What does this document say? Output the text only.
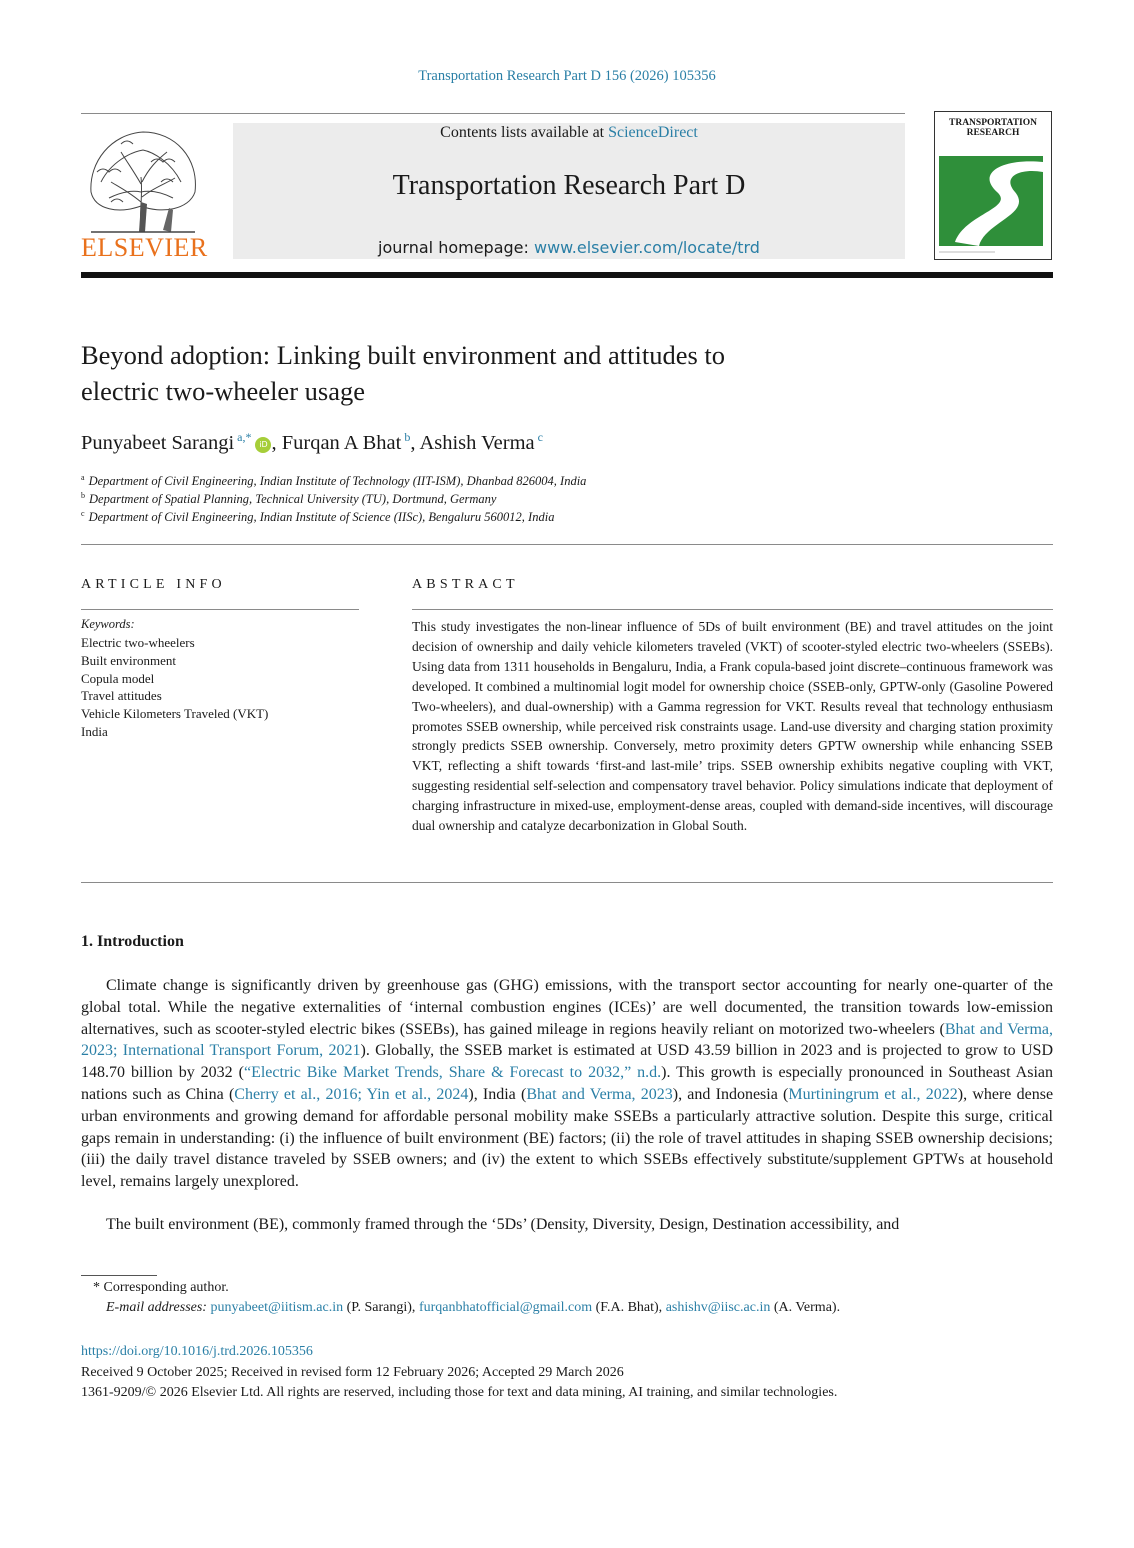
Transportation Research Part D 156 (2026) 105356
ELSEVIER
Contents lists available at ScienceDirect
Transportation Research Part D
journal homepage: www.elsevier.com/locate/trd
TRANSPORTATION RESEARCH
Beyond adoption: Linking built environment and attitudes to
electric two-wheeler usage
Punyabeet Sarangi $^{a,*}$iD , Furqan A Bhat $^b$, Ashish Verma $^c$
$^a$ Department of Civil Engineering, Indian Institute of Technology (IIT-ISM), Dhanbad 826004, India
$^b$ Department of Spatial Planning, Technical University (TU), Dortmund, Germany
$^c$ Department of Civil Engineering, Indian Institute of Science (IISc), Bengaluru 560012, India
ARTICLE INFO
Keywords:
Electric two-wheelers
Built environment
Copula model
Travel attitudes
Vehicle Kilometers Traveled (VKT)
India
ABSTRACT
This study investigates the non-linear influence of 5Ds of built environment (BE) and travel attitudes on the joint decision of ownership and daily vehicle kilometers traveled (VKT) of scooter-styled electric two-wheelers (SSEBs). Using data from 1311 households in Bengaluru, India, a Frank copula-based joint discrete–continuous framework was developed. It combined a multinomial logit model for ownership choice (SSEB-only, GPTW-only (Gasoline Powered Two-wheelers), and dual-ownership) with a Gamma regression for VKT. Results reveal that technology enthusiasm promotes SSEB ownership, while perceived risk constraints usage. Land-use diversity and charging station proximity strongly predicts SSEB ownership. Conversely, metro proximity deters GPTW ownership while enhancing SSEB VKT, reflecting a shift towards ‘first-and last-mile’ trips. SSEB ownership exhibits negative coupling with VKT, suggesting residential self-selection and compensatory travel behavior. Policy simulations indicate that deployment of charging infrastructure in mixed-use, employment-dense areas, coupled with demand-side incentives, will discourage dual ownership and catalyze decarbonization in Global South.
1. Introduction
Climate change is significantly driven by greenhouse gas (GHG) emissions, with the transport sector accounting for nearly one-quarter of the global total. While the negative externalities of ‘internal combustion engines (ICEs)’ are well documented, the transition towards low-emission alternatives, such as scooter-styled electric bikes (SSEBs), has gained mileage in regions heavily reliant on motorized two-wheelers (Bhat and Verma, 2023; International Transport Forum, 2021). Globally, the SSEB market is estimated at USD 43.59 billion in 2023 and is projected to grow to USD 148.70 billion by 2032 (“Electric Bike Market Trends, Share & Forecast to 2032,” n.d.). This growth is especially pronounced in Southeast Asian nations such as China (Cherry et al., 2016; Yin et al., 2024), India (Bhat and Verma, 2023), and Indonesia (Murtiningrum et al., 2022), where dense urban environments and growing demand for affordable personal mobility make SSEBs a particularly attractive solution. Despite this surge, critical gaps remain in understanding: (i) the influence of built environment (BE) factors; (ii) the role of travel attitudes in shaping SSEB ownership decisions; (iii) the daily travel distance traveled by SSEB owners; and (iv) the extent to which SSEBs effectively substitute/supplement GPTWs at household level, remains largely unexplored.
The built environment (BE), commonly framed through the ‘5Ds’ (Density, Diversity, Design, Destination accessibility, and
* Corresponding author.
E-mail addresses: punyabeet@iitism.ac.in (P. Sarangi), furqanbhatofficial@gmail.com (F.A. Bhat), ashishv@iisc.ac.in (A. Verma).
https://doi.org/10.1016/j.trd.2026.105356
Received 9 October 2025; Received in revised form 12 February 2026; Accepted 29 March 2026
1361-9209/© 2026 Elsevier Ltd. All rights are reserved, including those for text and data mining, AI training, and similar technologies.
